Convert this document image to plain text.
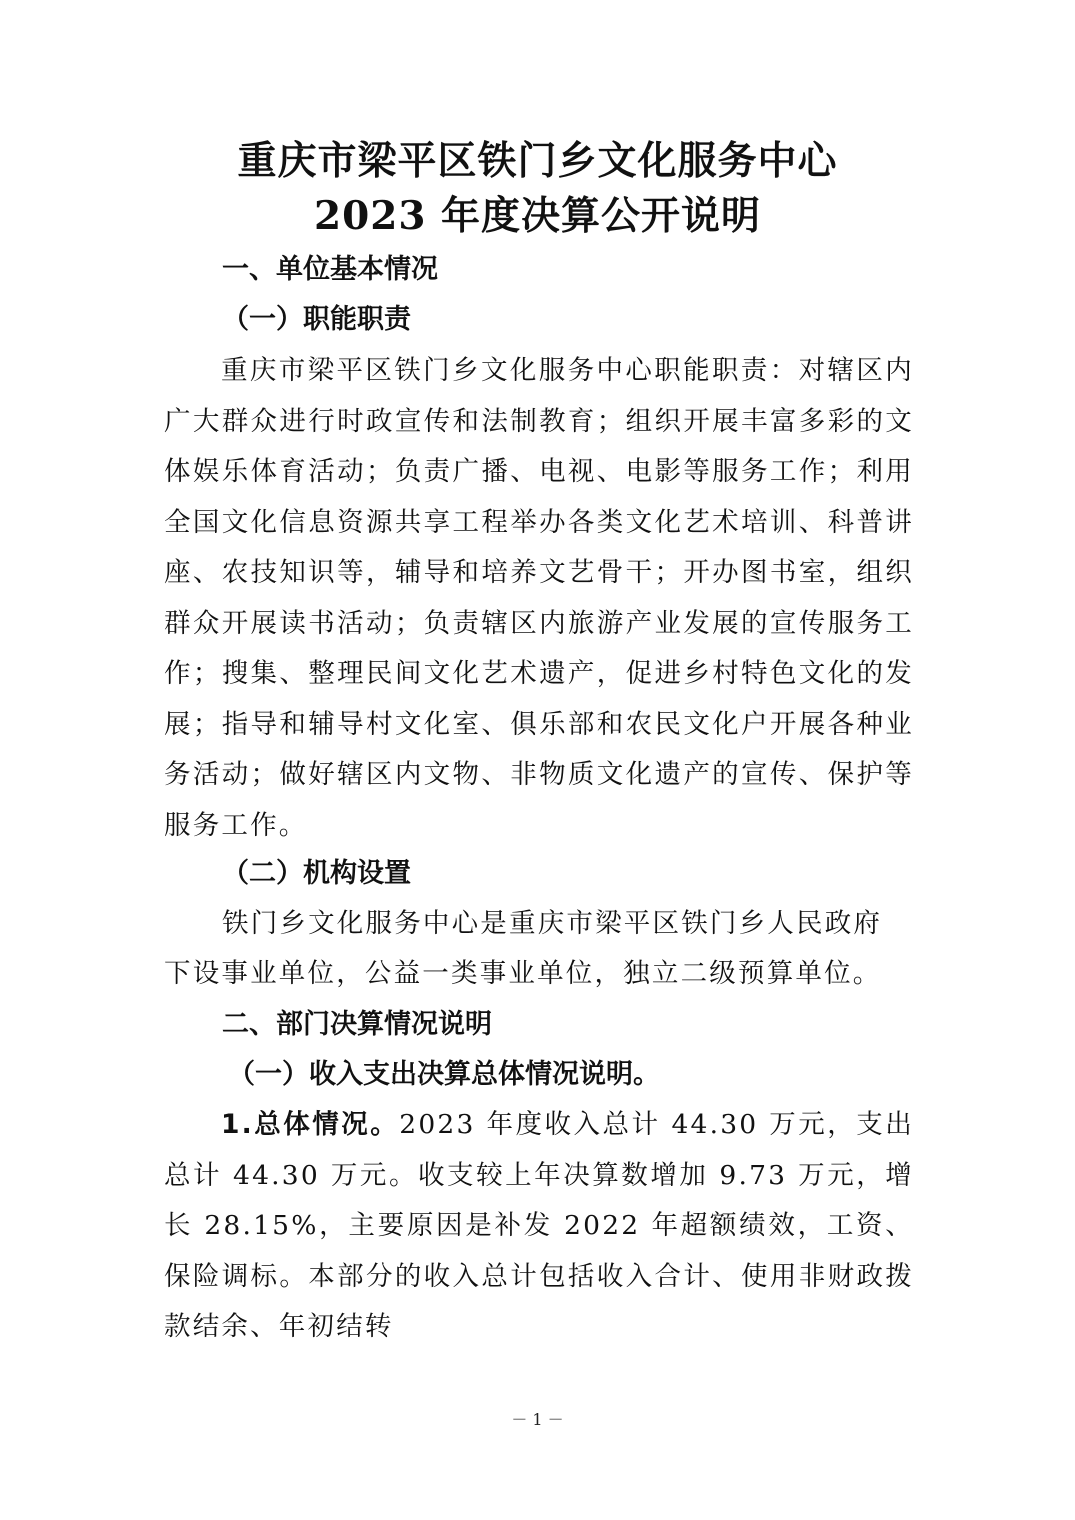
重庆市梁平区铁门乡文化服务中心
2023 年度决算公开说明
一、单位基本情况
（一）职能职责

重庆市梁平区铁门乡文化服务中心职能职责：对辖区内广大群众进行时政宣传和法制教育；组织开展丰富多彩的文体娱乐体育活动；负责广播、电视、电影等服务工作；利用全国文化信息资源共享工程举办各类文化艺术培训、科普讲座、农技知识等，辅导和培养文艺骨干；开办图书室，组织群众开展读书活动；负责辖区内旅游产业发展的宣传服务工作；搜集、整理民间文化艺术遗产，促进乡村特色文化的发展；指导和辅导村文化室、俱乐部和农民文化户开展各种业务活动；做好辖区内文物、非物质文化遗产的宣传、保护等服务工作。

（二）机构设置

铁门乡文化服务中心是重庆市梁平区铁门乡人民政府

下设事业单位，公益一类事业单位，独立二级预算单位。

二、部门决算情况说明
（一）收入支出决算总体情况说明。

1.总体情况。2023 年度收入总计 44.30 万元，支出总计 44.30 万元。收支较上年决算数增加 9.73 万元，增长 28.15%，主要原因是补发 2022 年超额绩效，工资、保险调标。本部分的收入总计包括收入合计、使用非财政拨款结余、年初结转

－ 1 －
